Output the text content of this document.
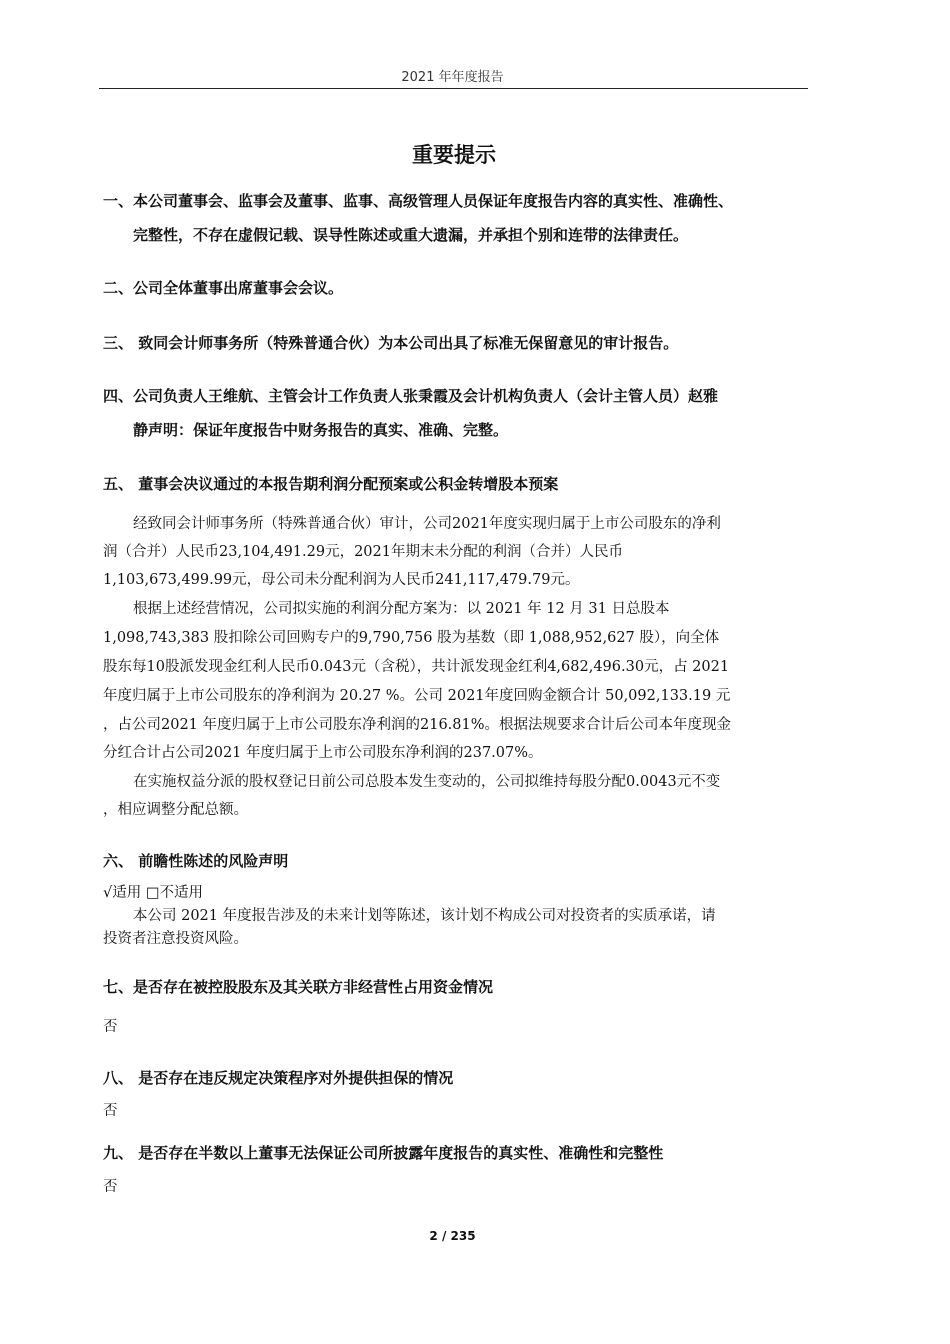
2021 年年度报告
重要提示
一、本公司董事会、监事会及董事、监事、高级管理人员保证年度报告内容的真实性、准确性、
完整性，不存在虚假记载、误导性陈述或重大遗漏，并承担个别和连带的法律责任。
二、公司全体董事出席董事会会议。
三、 致同会计师事务所（特殊普通合伙）为本公司出具了标准无保留意见的审计报告。
四、公司负责人王维航、主管会计工作负责人张秉霞及会计机构负责人（会计主管人员）赵雅
静声明：保证年度报告中财务报告的真实、准确、完整。
五、 董事会决议通过的本报告期利润分配预案或公积金转增股本预案
经致同会计师事务所（特殊普通合伙）审计，公司2021年度实现归属于上市公司股东的净利
润（合并）人民币23,104,491.29元，2021年期末未分配的利润（合并）人民币
1,103,673,499.99元，母公司未分配利润为人民币241,117,479.79元。
根据上述经营情况，公司拟实施的利润分配方案为：以 2021 年 12 月 31 日总股本
1,098,743,383 股扣除公司回购专户的9,790,756 股为基数（即 1,088,952,627 股），向全体
股东每10股派发现金红利人民币0.043元（含税），共计派发现金红利4,682,496.30元，占 2021
年度归属于上市公司股东的净利润为 20.27 %。公司 2021年度回购金额合计 50,092,133.19 元
，占公司2021 年度归属于上市公司股东净利润的216.81%。根据法规要求合计后公司本年度现金
分红合计占公司2021 年度归属于上市公司股东净利润的237.07%。
在实施权益分派的股权登记日前公司总股本发生变动的，公司拟维持每股分配0.0043元不变
，相应调整分配总额。
六、 前瞻性陈述的风险声明
√适用 □不适用
本公司 2021 年度报告涉及的未来计划等陈述，该计划不构成公司对投资者的实质承诺，请
投资者注意投资风险。
七、是否存在被控股股东及其关联方非经营性占用资金情况
否
八、 是否存在违反规定决策程序对外提供担保的情况
否
九、 是否存在半数以上董事无法保证公司所披露年度报告的真实性、准确性和完整性
否
2 / 235
